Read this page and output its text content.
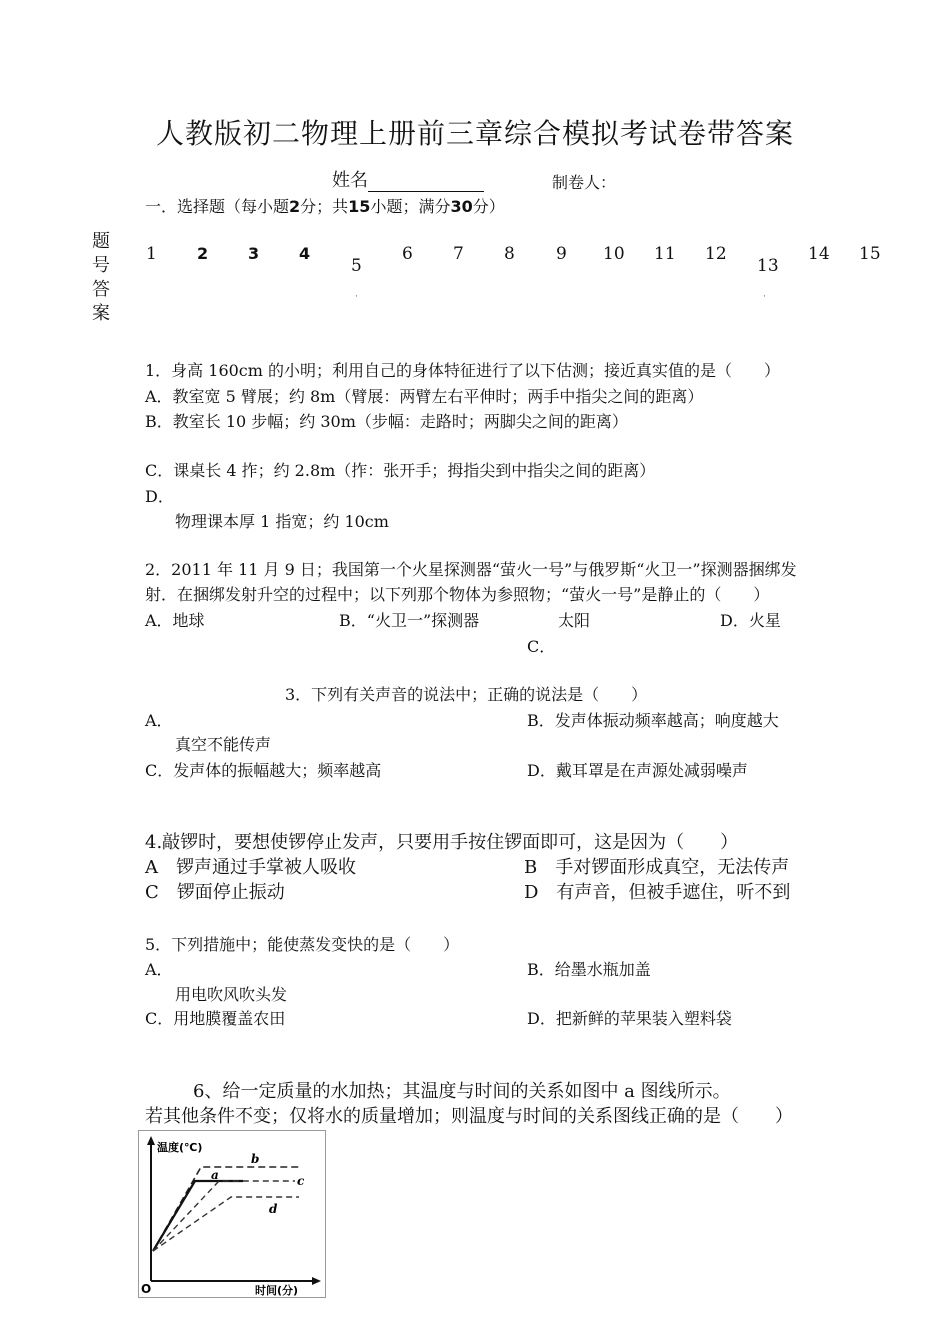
人教版初二物理上册前三章综合模拟考试卷带答案
姓名	制卷人：
一．选择题（每小题2分；共15小题；满分30分）
题号答案
1	2 3 4
5
6 7 8 9 10 11 12
13
14 15
·	·
1．身高 160cm 的小明；利用自己的身体特征进行了以下估测；接近真实值的是（　　）
A．教室宽 5 臂展；约 8m（臂展：两臂左右平伸时；两手中指尖之间的距离）
B．教室长 10 步幅；约 30m（步幅：走路时；两脚尖之间的距离）
C．课桌长 4 拃；约 2.8m（拃：张开手；拇指尖到中指尖之间的距离）
D．
物理课本厚 1 指宽；约 10cm
2．2011 年 11 月 9 日；我国第一个火星探测器“萤火一号”与俄罗斯“火卫一”探测器捆绑发
射．在捆绑发射升空的过程中；以下列那个物体为参照物；“萤火一号”是静止的（　　）
A．地球	B．“火卫一”探测器	太阳
C．
D．火星
3．下列有关声音的说法中；正确的说法是（　　）
A．
真空不能传声
B．发声体振动频率越高；响度越大
C．发声体的振幅越大；频率越高	D．戴耳罩是在声源处减弱噪声
4.敲锣时，要想使锣停止发声，只要用手按住锣面即可，这是因为（　　）
A　锣声通过手掌被人吸收	B　手对锣面形成真空，无法传声
C　锣面停止振动	D　有声音，但被手遮住，听不到
5．下列措施中；能使蒸发变快的是（　　）
A．
用电吹风吹头发
B．给墨水瓶加盖
C．用地膜覆盖农田	D．把新鲜的苹果装入塑料袋
6、给一定质量的水加热；其温度与时间的关系如图中 a 图线所示。
若其他条件不变；仅将水的质量增加；则温度与时间的关系图线正确的是（　　）
温度(℃)
时间(分)
O
b
a	c
d
